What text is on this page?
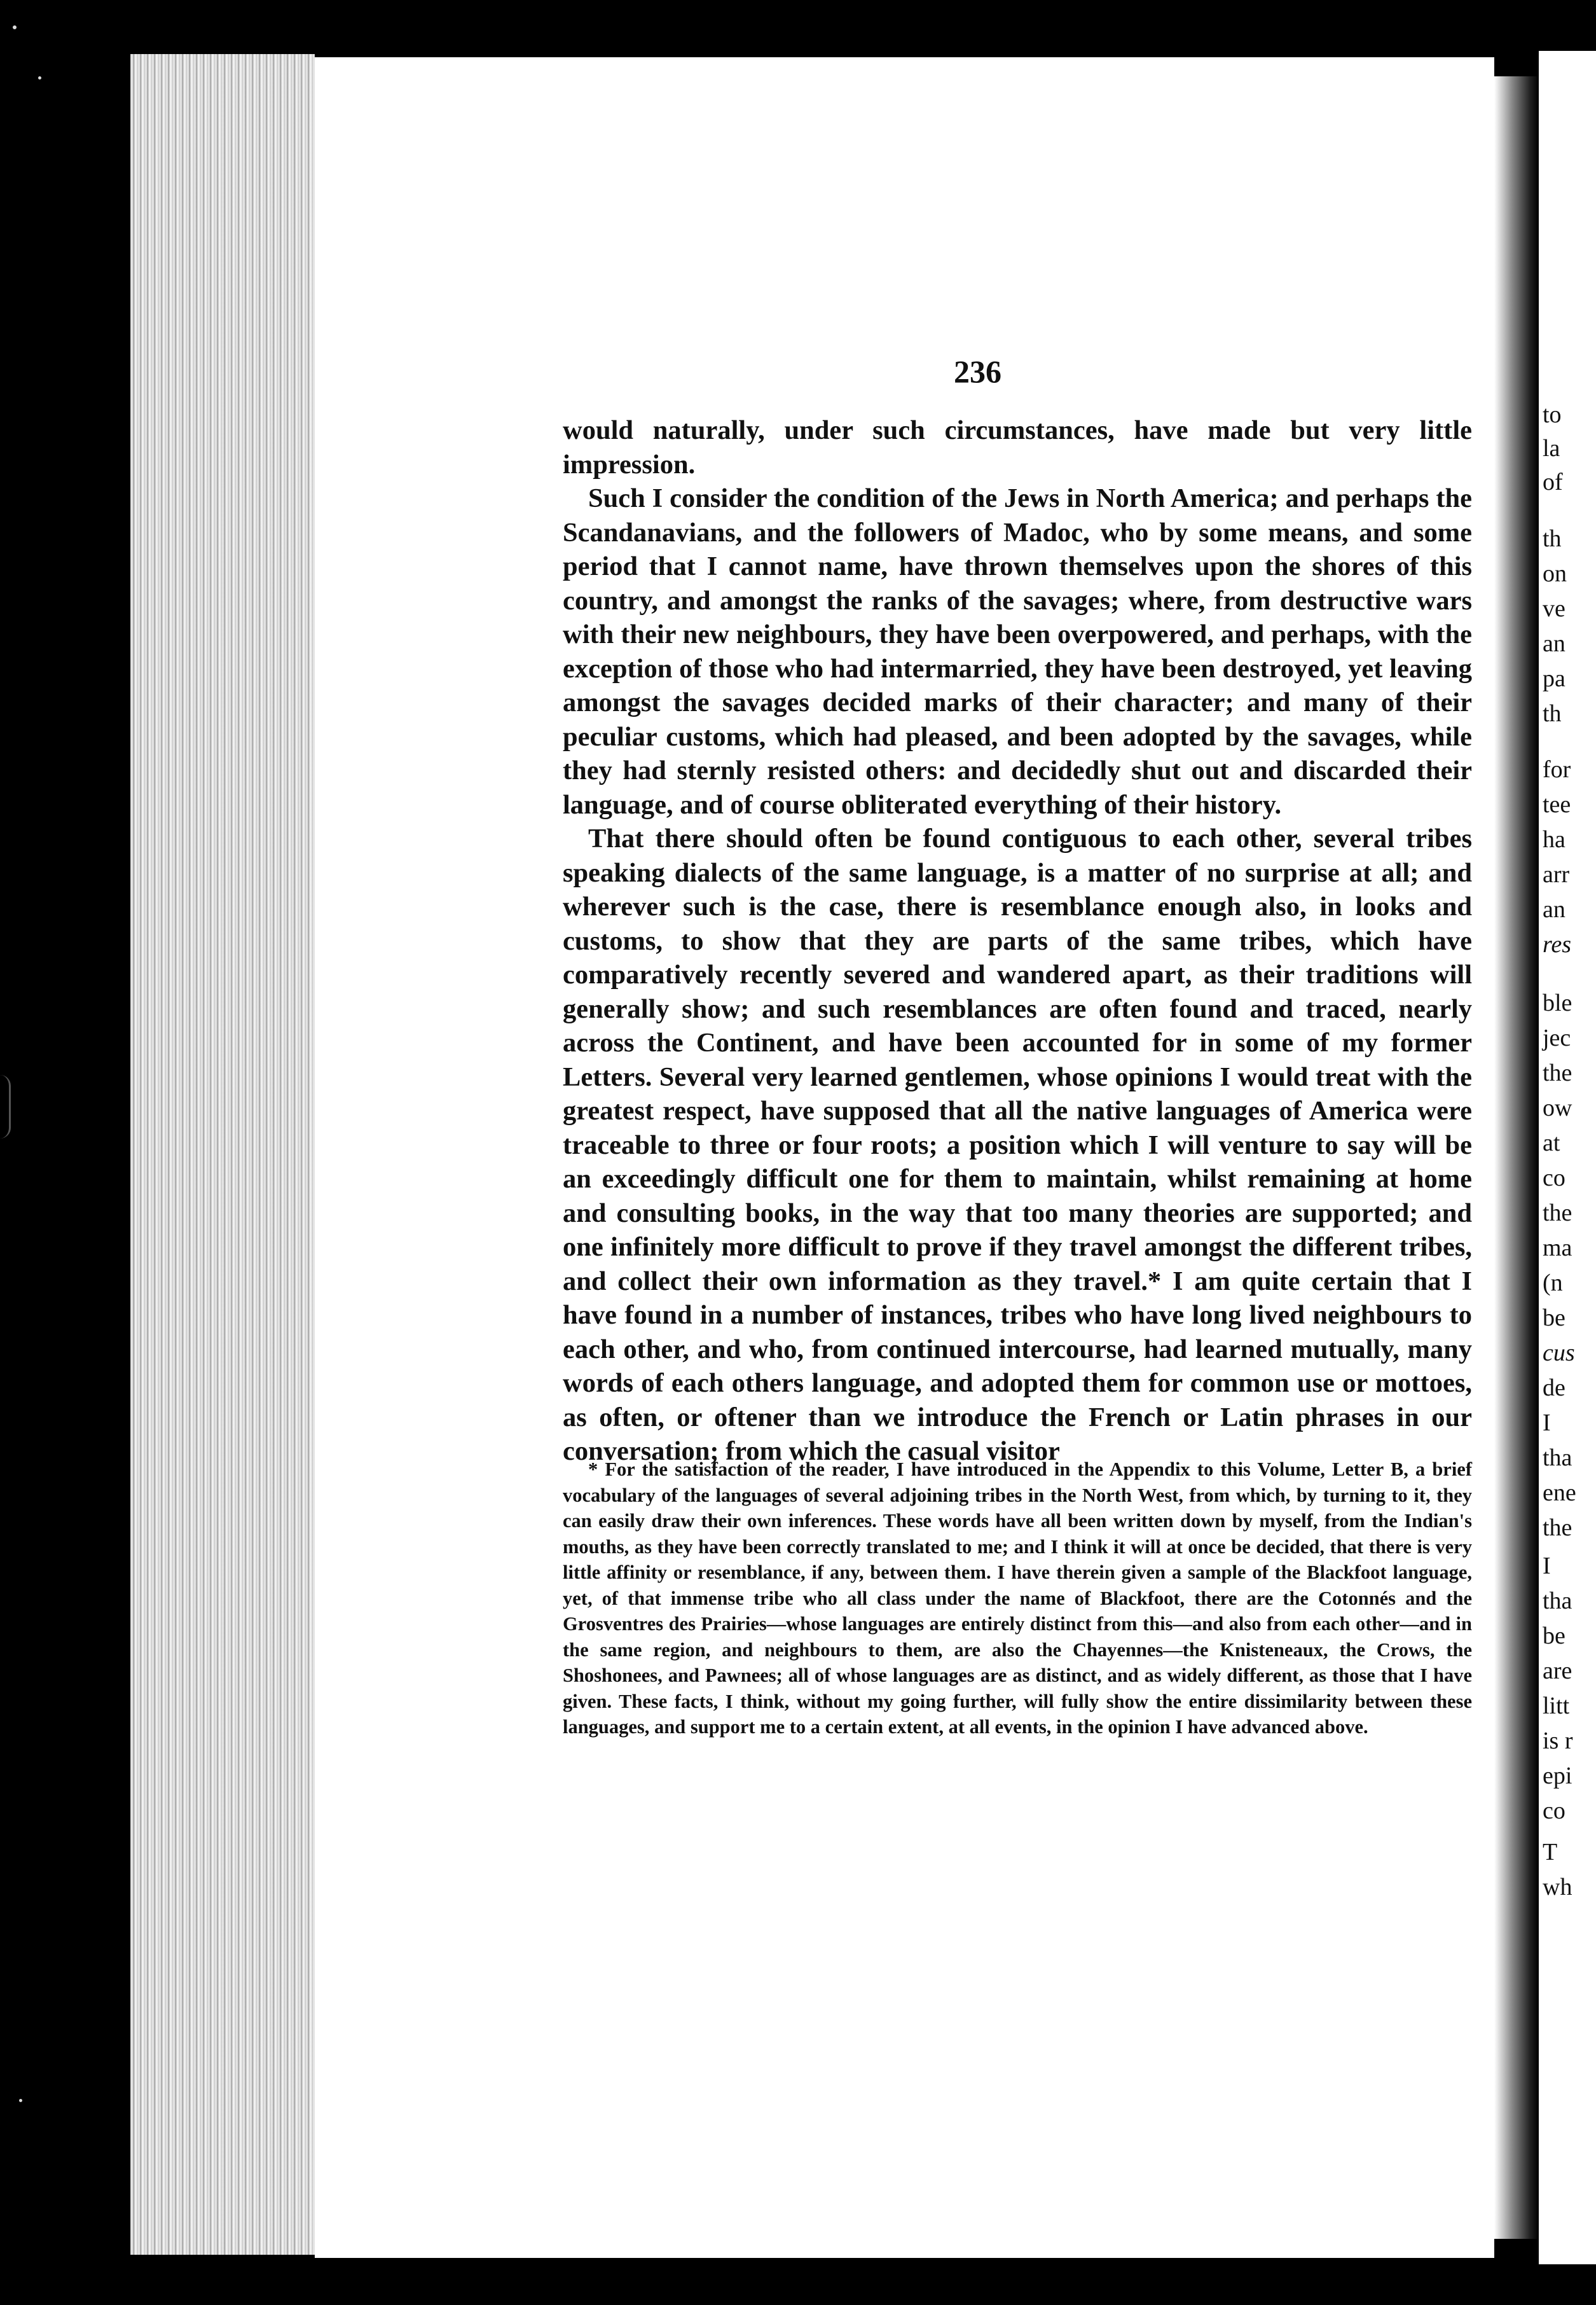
to
la
of
th
on
ve
an
pa
th
for
tee
ha
arr
an
res
ble
jec
the
ow
at
co
the
ma
(n
be
cus
de
I
tha
ene
the
I
tha
be
are
litt
is r
epi
co
T
wh
236

would naturally, under such circumstances, have made but very little impression.

Such I consider the condition of the Jews in North America; and perhaps the Scandanavians, and the followers of Madoc, who by some means, and some period that I cannot name, have thrown themselves upon the shores of this country, and amongst the ranks of the savages; where, from destructive wars with their new neighbours, they have been overpowered, and perhaps, with the exception of those who had intermarried, they have been destroyed, yet leaving amongst the savages decided marks of their character; and many of their peculiar customs, which had pleased, and been adopted by the savages, while they had sternly resisted others: and decidedly shut out and discarded their language, and of course obliterated everything of their history.

That there should often be found contiguous to each other, several tribes speaking dialects of the same language, is a matter of no surprise at all; and wherever such is the case, there is resemblance enough also, in looks and customs, to show that they are parts of the same tribes, which have comparatively recently severed and wandered apart, as their traditions will generally show; and such resemblances are often found and traced, nearly across the Continent, and have been accounted for in some of my former Letters. Several very learned gentlemen, whose opinions I would treat with the greatest respect, have supposed that all the native languages of America were traceable to three or four roots; a position which I will venture to say will be an exceedingly difficult one for them to maintain, whilst remaining at home and consulting books, in the way that too many theories are supported; and one infinitely more difficult to prove if they travel amongst the different tribes, and collect their own information as they travel.* I am quite certain that I have found in a number of instances, tribes who have long lived neighbours to each other, and who, from continued intercourse, had learned mutually, many words of each others language, and adopted them for common use or mottoes, as often, or oftener than we introduce the French or Latin phrases in our conversation; from which the casual visitor

* For the satisfaction of the reader, I have introduced in the Appendix to this Volume, Letter B, a brief vocabulary of the languages of several adjoining tribes in the North West, from which, by turning to it, they can easily draw their own inferences. These words have all been written down by myself, from the Indian's mouths, as they have been correctly translated to me; and I think it will at once be decided, that there is very little affinity or resemblance, if any, between them. I have therein given a sample of the Blackfoot language, yet, of that immense tribe who all class under the name of Blackfoot, there are the Cotonnés and the Grosventres des Prairies—whose languages are entirely distinct from this—and also from each other—and in the same region, and neighbours to them, are also the Chayennes—the Knisteneaux, the Crows, the Shoshonees, and Pawnees; all of whose languages are as distinct, and as widely different, as those that I have given. These facts, I think, without my going further, will fully show the entire dissimilarity between these languages, and support me to a certain extent, at all events, in the opinion I have advanced above.
